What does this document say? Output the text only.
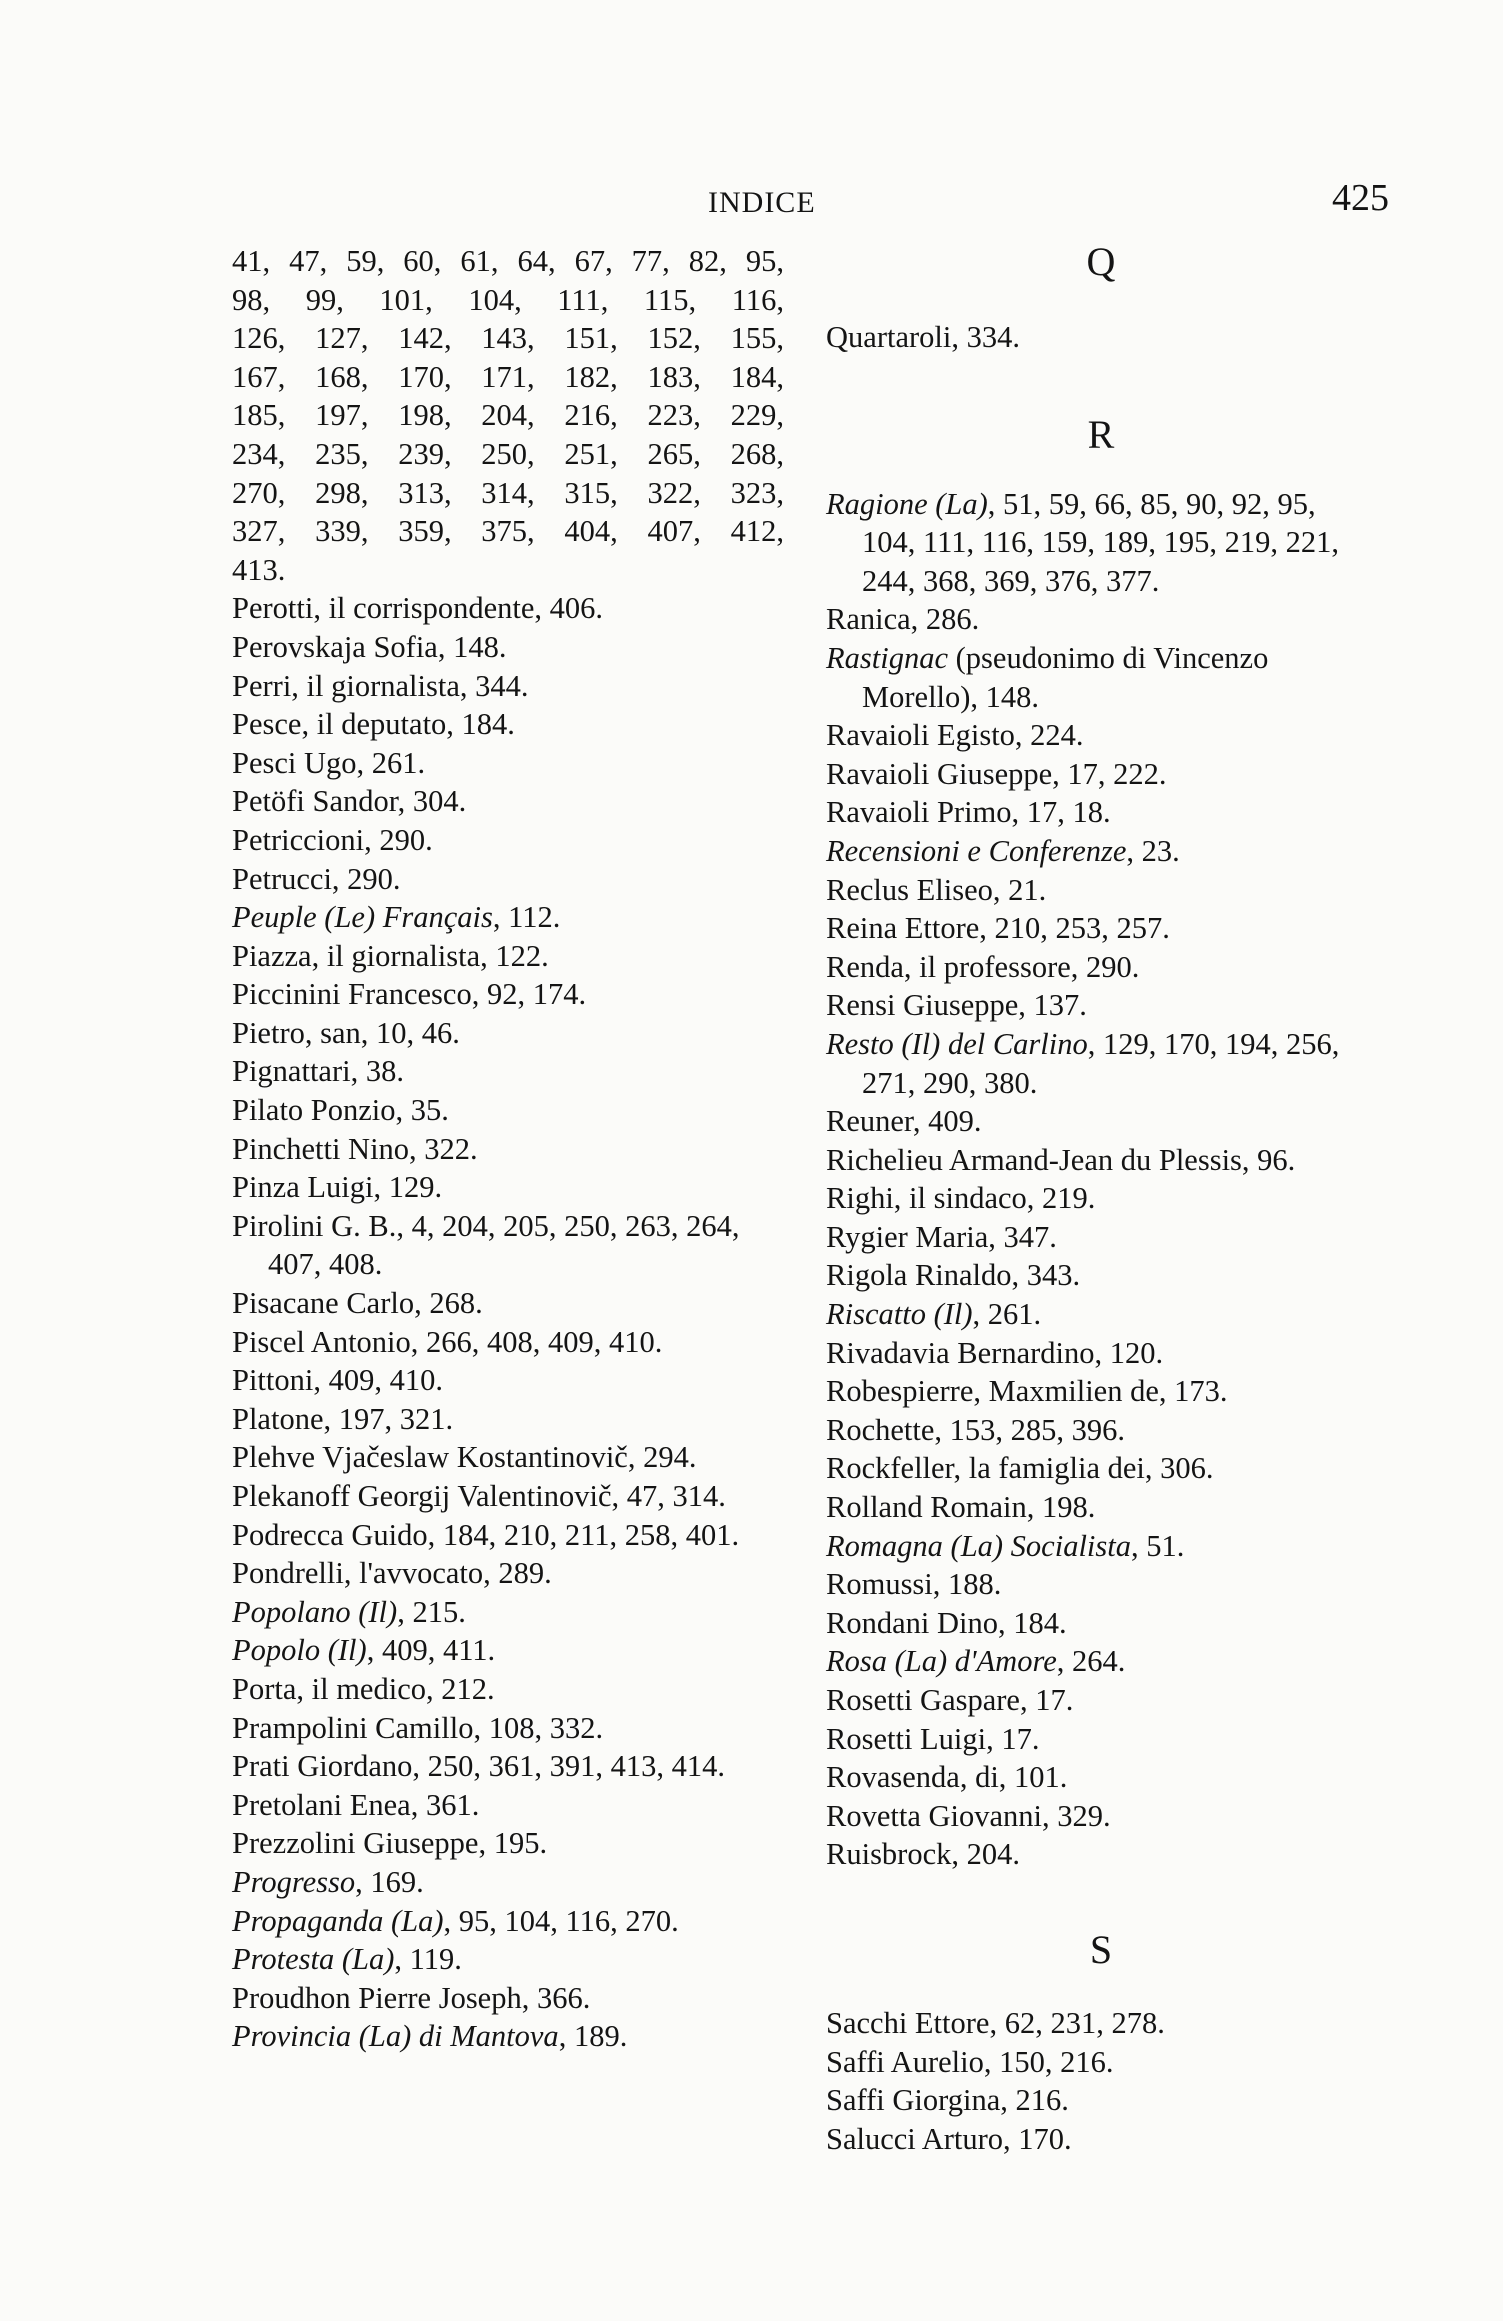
INDICE	425
41, 47, 59, 60, 61, 64, 67, 77, 82, 95,
98, 99, 101, 104, 111, 115, 116,
126, 127, 142, 143, 151, 152, 155,
167, 168, 170, 171, 182, 183, 184,
185, 197, 198, 204, 216, 223, 229,
234, 235, 239, 250, 251, 265, 268,
270, 298, 313, 314, 315, 322, 323,
327, 339, 359, 375, 404, 407, 412,
413.
Perotti, il corrispondente, 406.
Perovskaja Sofia, 148.
Perri, il giornalista, 344.
Pesce, il deputato, 184.
Pesci Ugo, 261.
Petöfi Sandor, 304.
Petriccioni, 290.
Petrucci, 290.
Peuple (Le) Français, 112.
Piazza, il giornalista, 122.
Piccinini Francesco, 92, 174.
Pietro, san, 10, 46.
Pignattari, 38.
Pilato Ponzio, 35.
Pinchetti Nino, 322.
Pinza Luigi, 129.
Pirolini G. B., 4, 204, 205, 250, 263, 264, 407, 408.
Pisacane Carlo, 268.
Piscel Antonio, 266, 408, 409, 410.
Pittoni, 409, 410.
Platone, 197, 321.
Plehve Vjačeslaw Kostantinovič, 294.
Plekanoff Georgij Valentinovič, 47, 314.
Podrecca Guido, 184, 210, 211, 258, 401.
Pondrelli, l'avvocato, 289.
Popolano (Il), 215.
Popolo (Il), 409, 411.
Porta, il medico, 212.
Prampolini Camillo, 108, 332.
Prati Giordano, 250, 361, 391, 413, 414.
Pretolani Enea, 361.
Prezzolini Giuseppe, 195.
Progresso, 169.
Propaganda (La), 95, 104, 116, 270.
Protesta (La), 119.
Proudhon Pierre Joseph, 366.
Provincia (La) di Mantova, 189.
Q
Quartaroli, 334.
R
Ragione (La), 51, 59, 66, 85, 90, 92, 95, 104, 111, 116, 159, 189, 195, 219, 221, 244, 368, 369, 376, 377.
Ranica, 286.
Rastignac (pseudonimo di Vincenzo Morello), 148.
Ravaioli Egisto, 224.
Ravaioli Giuseppe, 17, 222.
Ravaioli Primo, 17, 18.
Recensioni e Conferenze, 23.
Reclus Eliseo, 21.
Reina Ettore, 210, 253, 257.
Renda, il professore, 290.
Rensi Giuseppe, 137.
Resto (Il) del Carlino, 129, 170, 194, 256, 271, 290, 380.
Reuner, 409.
Richelieu Armand-Jean du Plessis, 96.
Righi, il sindaco, 219.
Rygier Maria, 347.
Rigola Rinaldo, 343.
Riscatto (Il), 261.
Rivadavia Bernardino, 120.
Robespierre, Maxmilien de, 173.
Rochette, 153, 285, 396.
Rockfeller, la famiglia dei, 306.
Rolland Romain, 198.
Romagna (La) Socialista, 51.
Romussi, 188.
Rondani Dino, 184.
Rosa (La) d'Amore, 264.
Rosetti Gaspare, 17.
Rosetti Luigi, 17.
Rovasenda, di, 101.
Rovetta Giovanni, 329.
Ruisbrock, 204.
S
Sacchi Ettore, 62, 231, 278.
Saffi Aurelio, 150, 216.
Saffi Giorgina, 216.
Salucci Arturo, 170.
